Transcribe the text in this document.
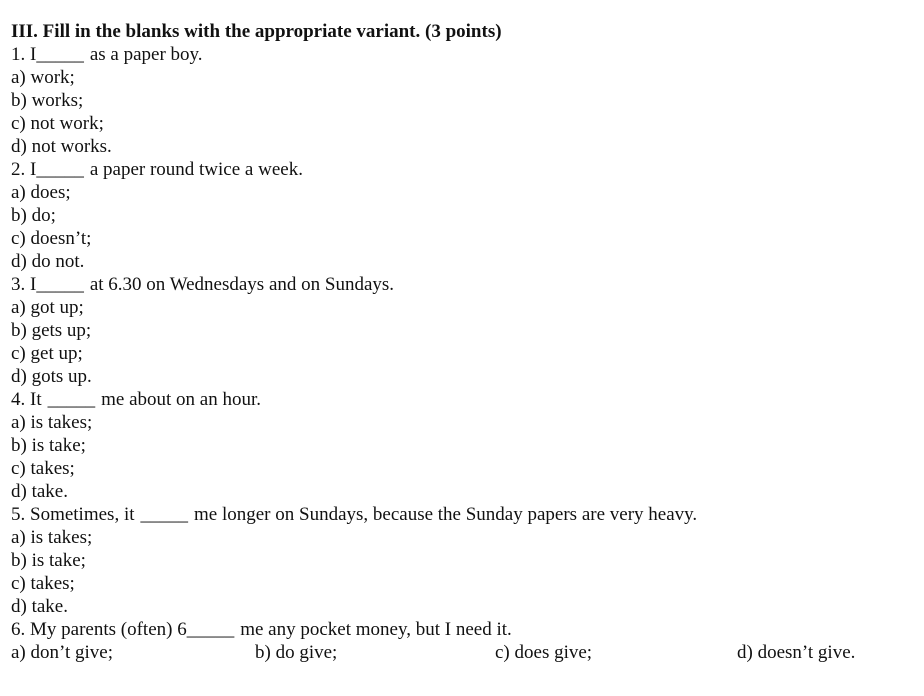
III. Fill in the blanks with the appropriate variant. (3 points)

1. I_____ as a paper boy.

a) work;

b) works;

c) not work;

d) not works.

2. I_____ a paper round twice a week.

a) does;

b) do;

c) doesn’t;

d) do not.

3. I_____ at 6.30 on Wednesdays and on Sundays.

a) got up;

b) gets up;

c) get up;

d) gots up.

4. It _____ me about on an hour.

a) is takes;

b) is take;

c) takes;

d) take.

5. Sometimes, it _____ me longer on Sundays, because the Sunday papers are very heavy.

a) is takes;

b) is take;

c) takes;

d) take.

6. My parents (often) 6_____ me any pocket money, but I need it.

a) don’t give;	b) do give;	c) does give;	d) doesn’t give.
